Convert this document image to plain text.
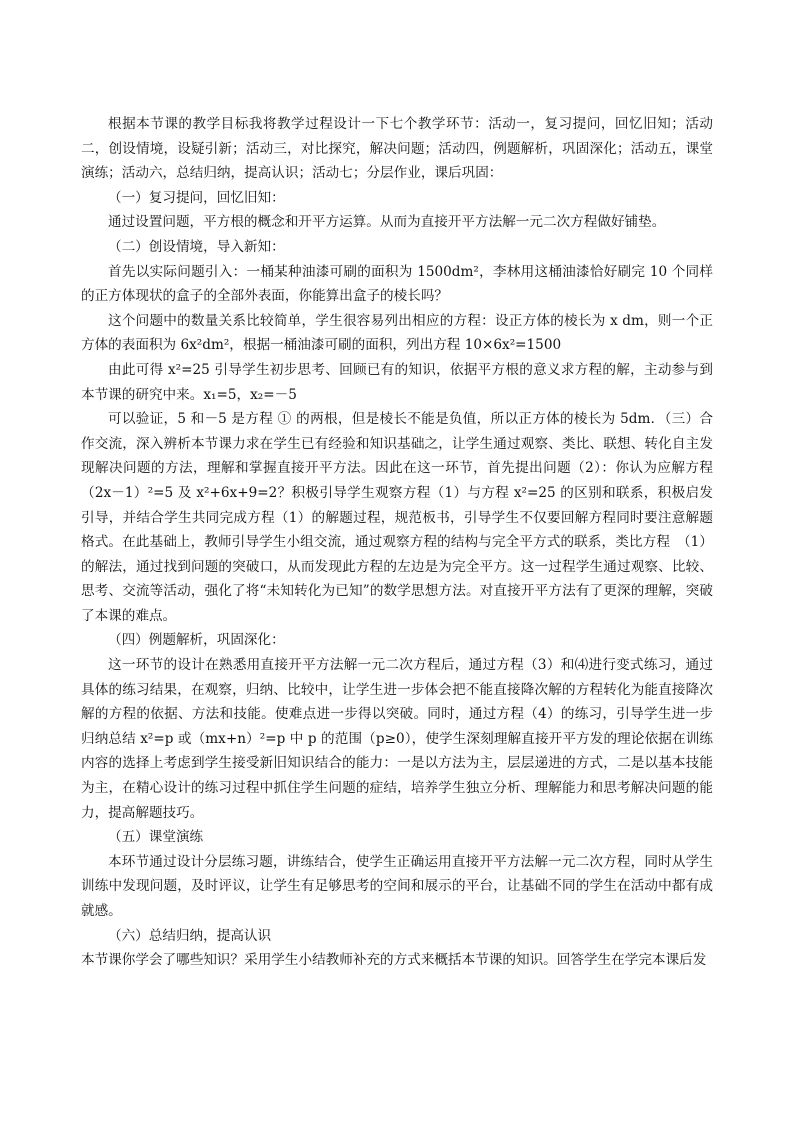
根据本节课的教学目标我将教学过程设计一下七个教学环节：活动一，复习提问，回忆旧知；活动二，创设情境，设疑引新；活动三，对比探究，解决问题；活动四，例题解析，巩固深化；活动五，课堂演练；活动六，总结归纳，提高认识；活动七；分层作业，课后巩固：

（一）复习提问，回忆旧知：

通过设置问题，平方根的概念和开平方运算。从而为直接开平方法解一元二次方程做好铺垫。

（二）创设情境，导入新知：

首先以实际问题引入：一桶某种油漆可刷的面积为 1500dm²，李林用这桶油漆恰好刷完 10 个同样的正方体现状的盒子的全部外表面，你能算出盒子的棱长吗？

这个问题中的数量关系比较简单，学生很容易列出相应的方程：设正方体的棱长为 x dm，则一个正方体的表面积为 6x²dm²，根据一桶油漆可刷的面积，列出方程 10×6x²=1500

由此可得 x²=25 引导学生初步思考、回顾已有的知识，依据平方根的意义求方程的解，主动参与到本节课的研究中来。x₁=5，x₂=－5

可以验证，5 和－5 是方程 ① 的两根，但是棱长不能是负值，所以正方体的棱长为 5dm．（三）合作交流，深入辨析本节课力求在学生已有经验和知识基础之，让学生通过观察、类比、联想、转化自主发现解决问题的方法，理解和掌握直接开平方法。因此在这一环节，首先提出问题（2）：你认为应解方程（2x－1）²=5 及 x²+6x+9=2？积极引导学生观察方程（1）与方程 x²=25 的区别和联系，积极启发引导，并结合学生共同完成方程（1）的解题过程，规范板书，引导学生不仅要回解方程同时要注意解题格式。在此基础上，教师引导学生小组交流，通过观察方程的结构与完全平方式的联系，类比方程　（1）的解法，通过找到问题的突破口，从而发现此方程的左边是为完全平方。这一过程学生通过观察、比较、思考、交流等活动，强化了将“未知转化为已知”的数学思想方法。对直接开平方法有了更深的理解，突破了本课的难点。

（四）例题解析，巩固深化：

这一环节的设计在熟悉用直接开平方法解一元二次方程后，通过方程（3）和⑷进行变式练习，通过具体的练习结果，在观察，归纳、比较中，让学生进一步体会把不能直接降次解的方程转化为能直接降次解的方程的依据、方法和技能。使难点进一步得以突破。同时，通过方程（4）的练习，引导学生进一步归纳总结 x²=p 或（mx+n）²=p 中 p 的范围（p≥0），使学生深刻理解直接开平方发的理论依据在训练内容的选择上考虑到学生接受新旧知识结合的能力：一是以方法为主，层层递进的方式，二是以基本技能为主，在精心设计的练习过程中抓住学生问题的症结，培养学生独立分析、理解能力和思考解决问题的能力，提高解题技巧。

（五）课堂演练

本环节通过设计分层练习题，讲练结合，使学生正确运用直接开平方法解一元二次方程，同时从学生训练中发现问题，及时评议，让学生有足够思考的空间和展示的平台，让基础不同的学生在活动中都有成就感。

（六）总结归纳，提高认识

本节课你学会了哪些知识？采用学生小结教师补充的方式来概括本节课的知识。回答学生在学完本课后发
